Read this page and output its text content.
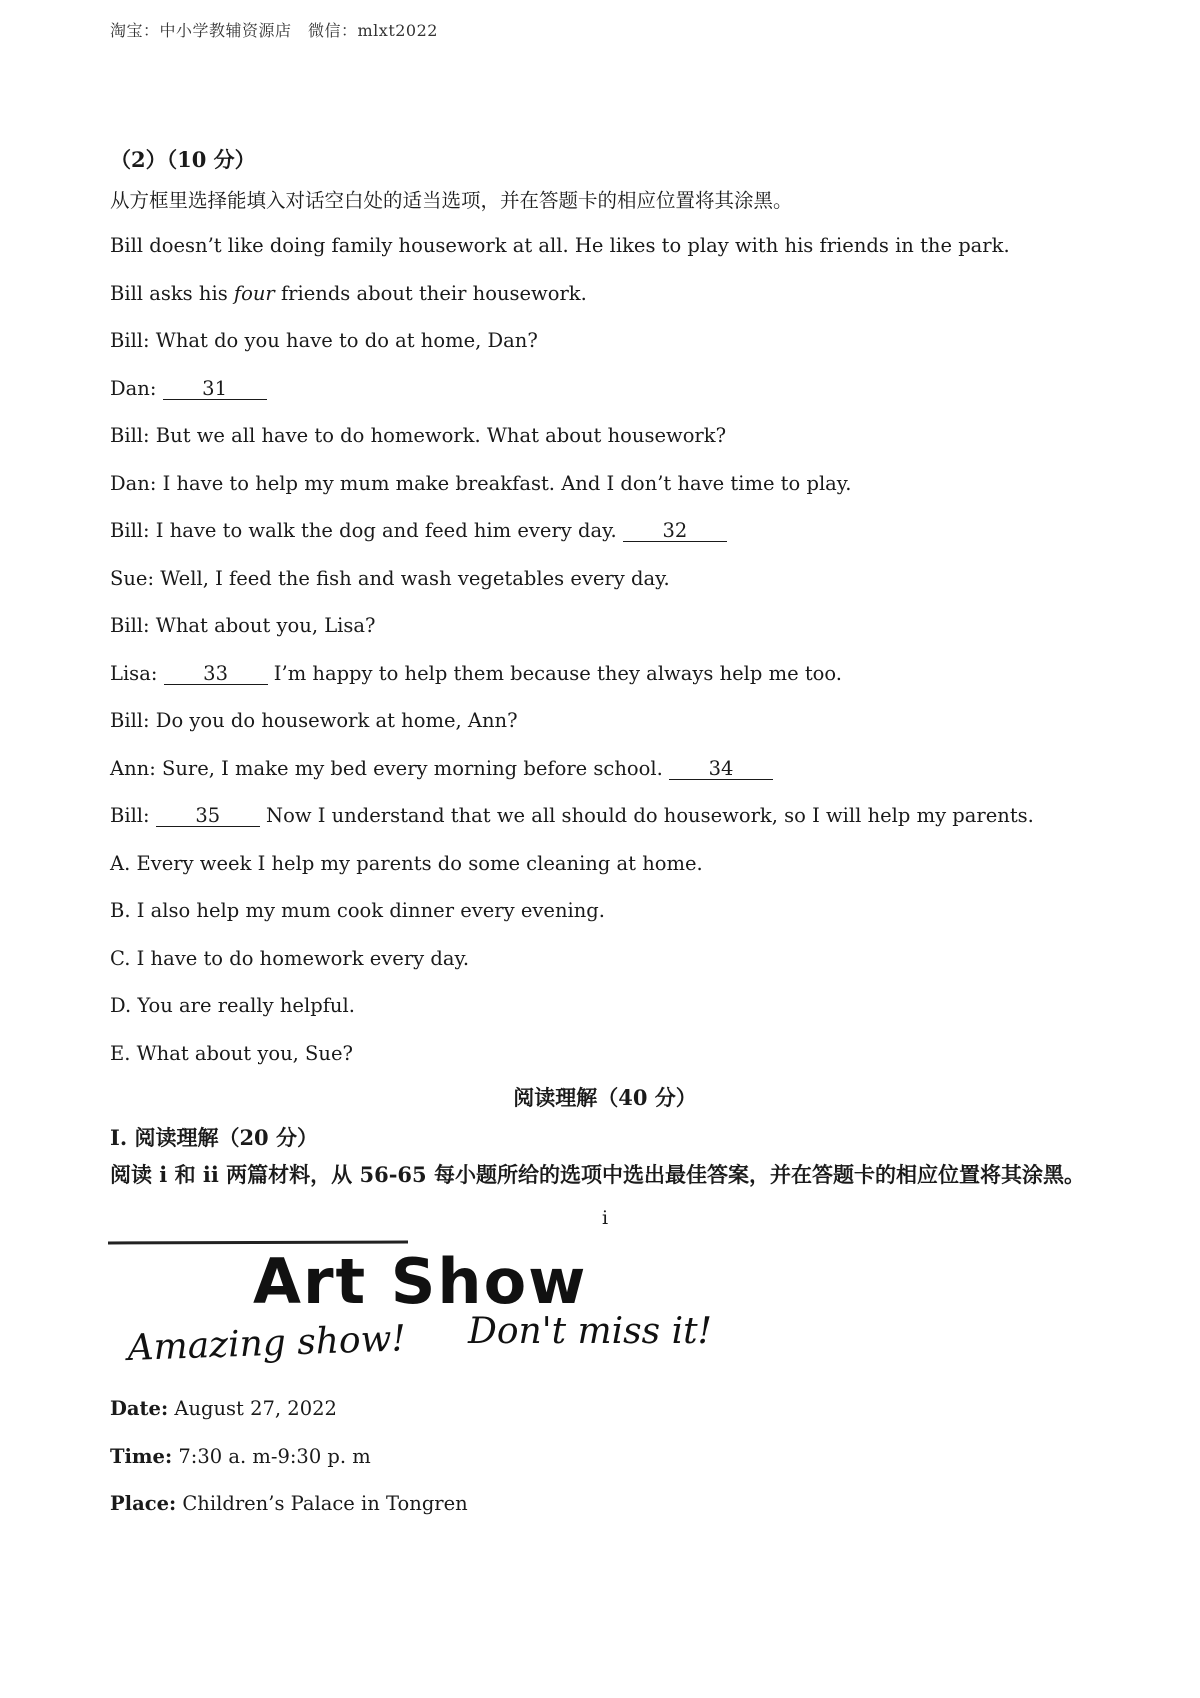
淘宝：中小学教辅资源店　微信：mlxt2022
（2）（10 分）
从方框里选择能填入对话空白处的适当选项，并在答题卡的相应位置将其涂黑。
Bill doesn’t like doing family housework at all. He likes to play with his friends in the park.
Bill asks his four friends about their housework.
Bill: What do you have to do at home, Dan?
Dan: 31
Bill: But we all have to do homework. What about housework?
Dan: I have to help my mum make breakfast. And I don’t have time to play.
Bill: I have to walk the dog and feed him every day. 32
Sue: Well, I feed the fish and wash vegetables every day.
Bill: What about you, Lisa?
Lisa: 33 I’m happy to help them because they always help me too.
Bill: Do you do housework at home, Ann?
Ann: Sure, I make my bed every morning before school. 34
Bill: 35 Now I understand that we all should do housework, so I will help my parents.
A. Every week I help my parents do some cleaning at home.
B. I also help my mum cook dinner every evening.
C. I have to do homework every day.
D. You are really helpful.
E. What about you, Sue?
阅读理解（40 分）
Ⅰ. 阅读理解（20 分）
阅读 i 和 ii 两篇材料，从 56-65 每小题所给的选项中选出最佳答案，并在答题卡的相应位置将其涂黑。
i
Art Show
Amazing show! Don't miss it!
Date: August 27, 2022
Time: 7:30 a. m-9:30 p. m
Place: Children’s Palace in Tongren
